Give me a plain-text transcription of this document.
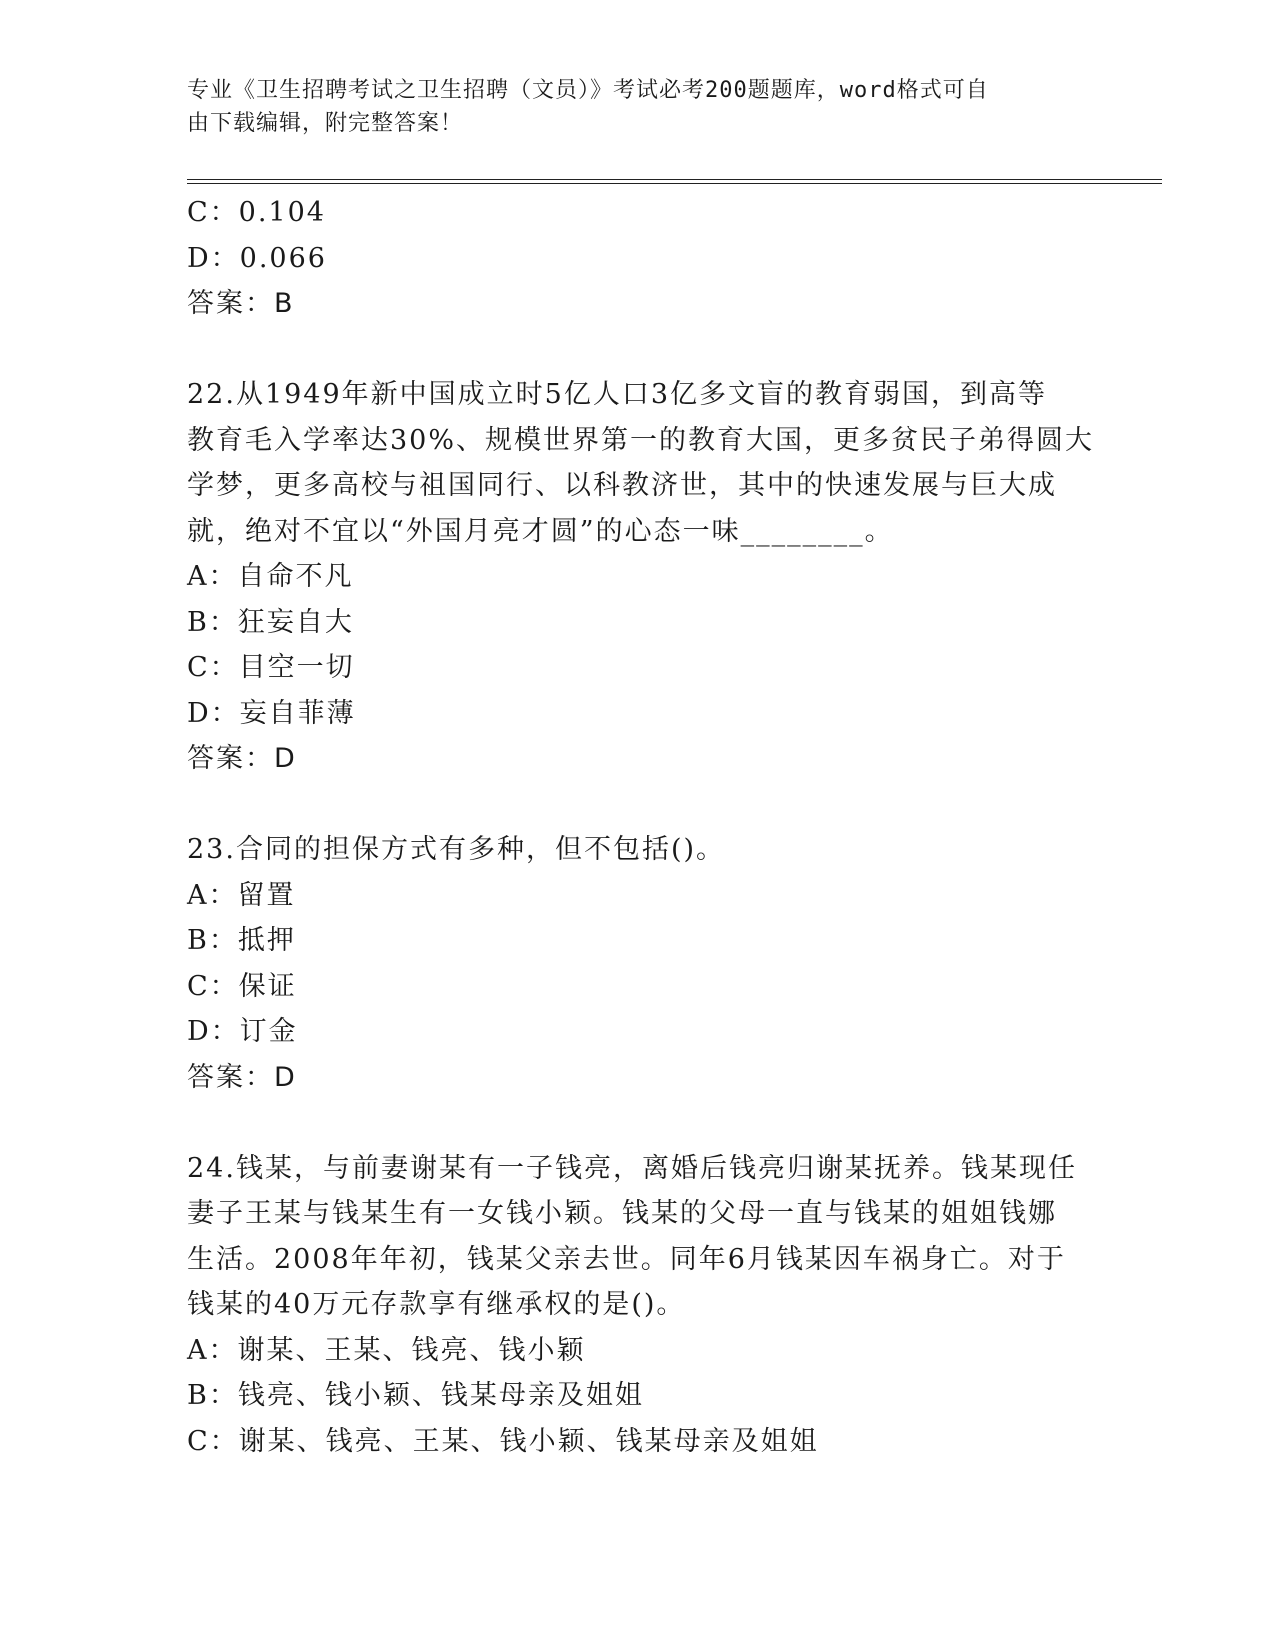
专业《卫生招聘考试之卫生招聘（文员）》考试必考200题题库，word格式可自
由下载编辑，附完整答案！
C：0.104
D：0.066
答案：B
22.从1949年新中国成立时5亿人口3亿多文盲的教育弱国，到高等
教育毛入学率达30%、规模世界第一的教育大国，更多贫民子弟得圆大
学梦，更多高校与祖国同行、以科教济世，其中的快速发展与巨大成
就，绝对不宜以“外国月亮才圆”的心态一味________。
A：自命不凡
B：狂妄自大
C：目空一切
D：妄自菲薄
答案：D
23.合同的担保方式有多种，但不包括()。
A：留置
B：抵押
C：保证
D：订金
答案：D
24.钱某，与前妻谢某有一子钱亮，离婚后钱亮归谢某抚养。钱某现任
妻子王某与钱某生有一女钱小颖。钱某的父母一直与钱某的姐姐钱娜
生活。2008年年初，钱某父亲去世。同年6月钱某因车祸身亡。对于
钱某的40万元存款享有继承权的是()。
A：谢某、王某、钱亮、钱小颖
B：钱亮、钱小颖、钱某母亲及姐姐
C：谢某、钱亮、王某、钱小颖、钱某母亲及姐姐
